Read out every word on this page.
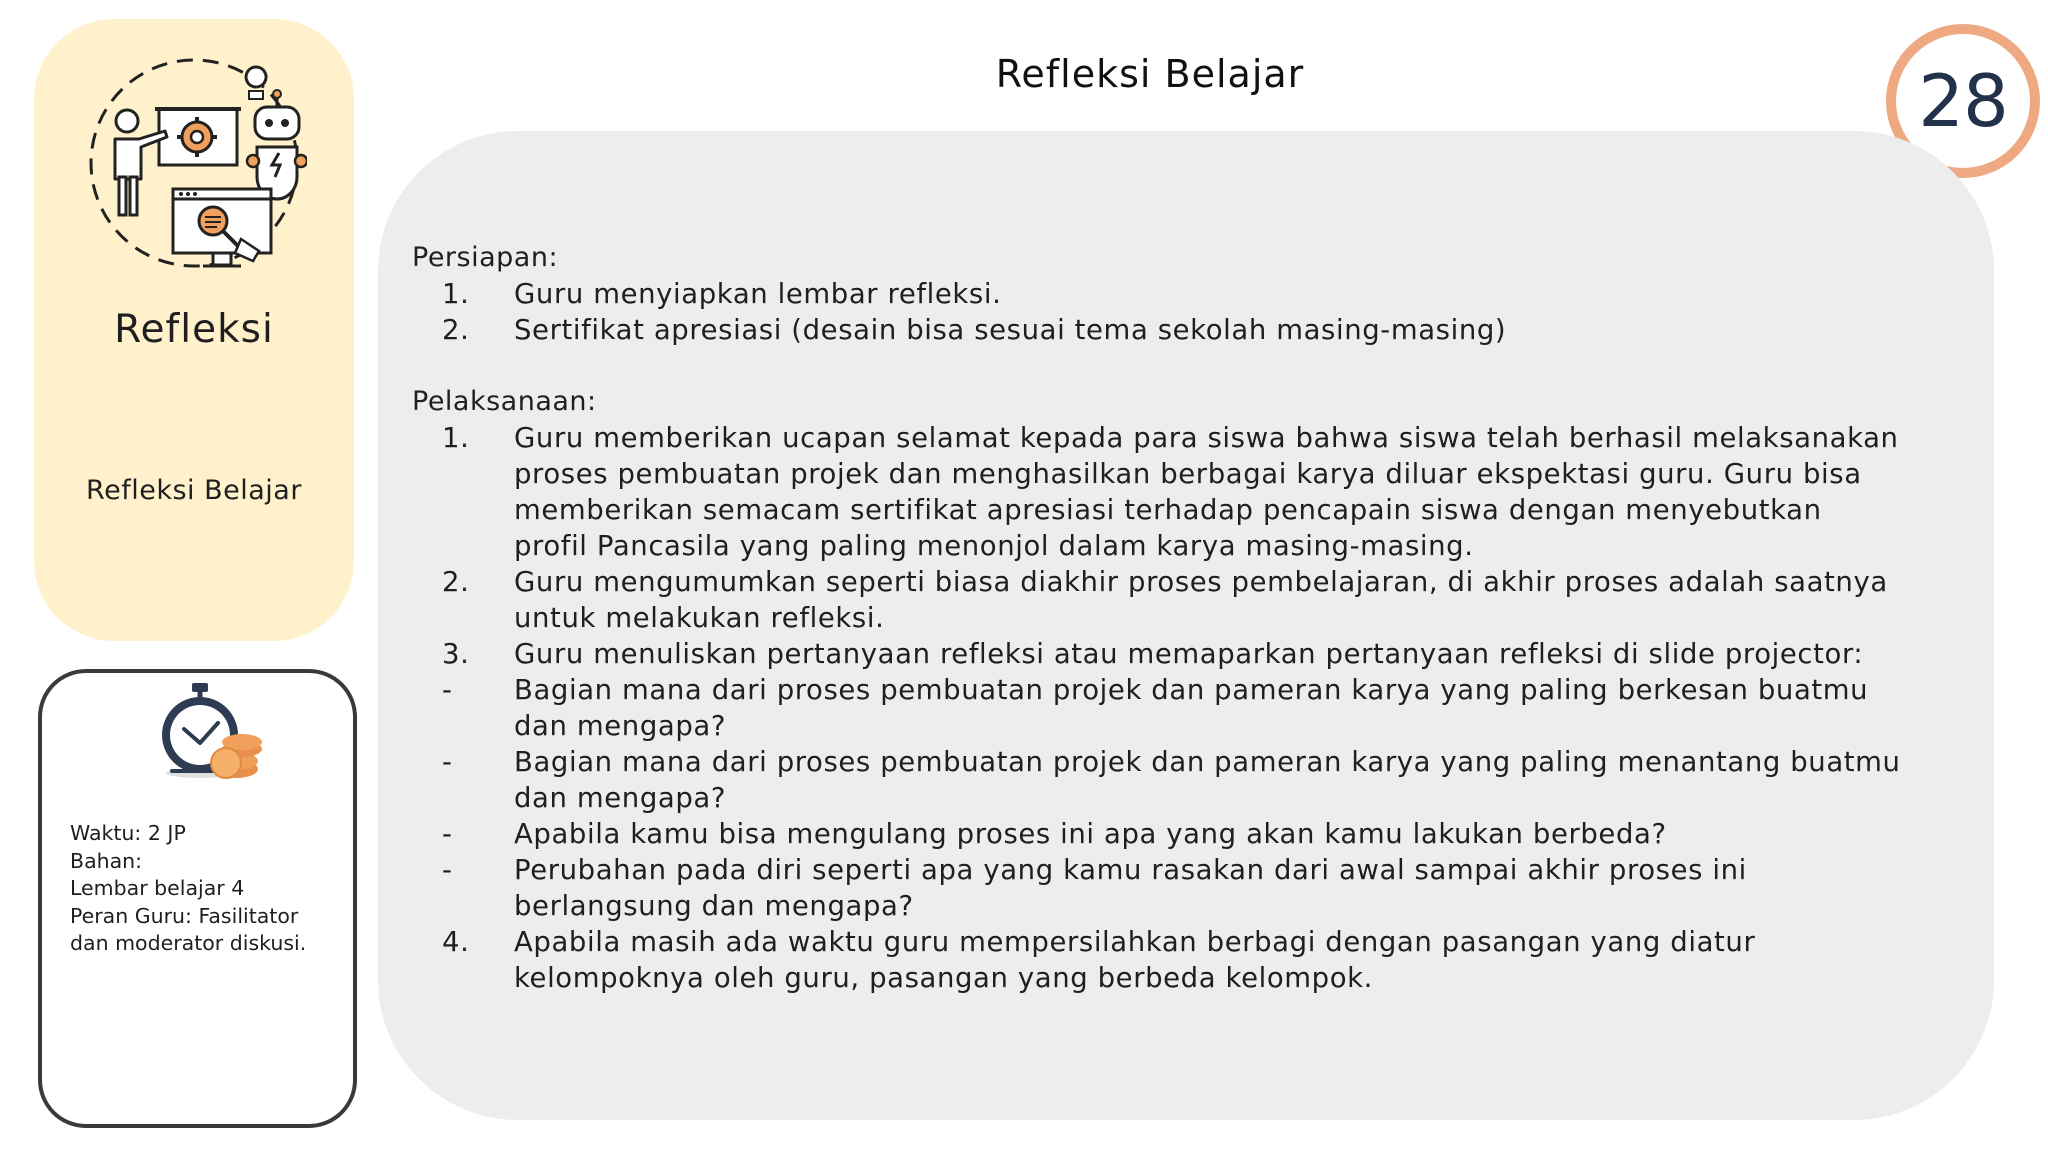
Refleksi
Refleksi Belajar
Waktu: 2 JP
Bahan:
Lembar belajar 4
Peran Guru: Fasilitator
dan moderator diskusi.
Refleksi Belajar	28
Persiapan:
1.	Guru menyiapkan lembar refleksi.
2.	Sertifikat apresiasi (desain bisa sesuai tema sekolah masing-masing)
Pelaksanaan:
1.	Guru memberikan ucapan selamat kepada para siswa bahwa siswa telah berhasil melaksanakan proses pembuatan projek dan menghasilkan berbagai karya diluar ekspektasi guru. Guru bisa memberikan semacam sertifikat apresiasi terhadap pencapain siswa dengan menyebutkan profil Pancasila yang paling menonjol dalam karya masing-masing.
2.	Guru mengumumkan seperti biasa diakhir proses pembelajaran, di akhir proses adalah saatnya untuk melakukan refleksi.
3.	Guru menuliskan pertanyaan refleksi atau memaparkan pertanyaan refleksi di slide projector:
-	Bagian mana dari proses pembuatan projek dan pameran karya yang paling berkesan buatmu dan mengapa?
-	Bagian mana dari proses pembuatan projek dan pameran karya yang paling menantang buatmu dan mengapa?
-	Apabila kamu bisa mengulang proses ini apa yang akan kamu lakukan berbeda?
-	Perubahan pada diri seperti apa yang kamu rasakan dari awal sampai akhir proses ini berlangsung dan mengapa?
4.	Apabila masih ada waktu guru mempersilahkan berbagi dengan pasangan yang diatur kelompoknya oleh guru, pasangan yang berbeda kelompok.
